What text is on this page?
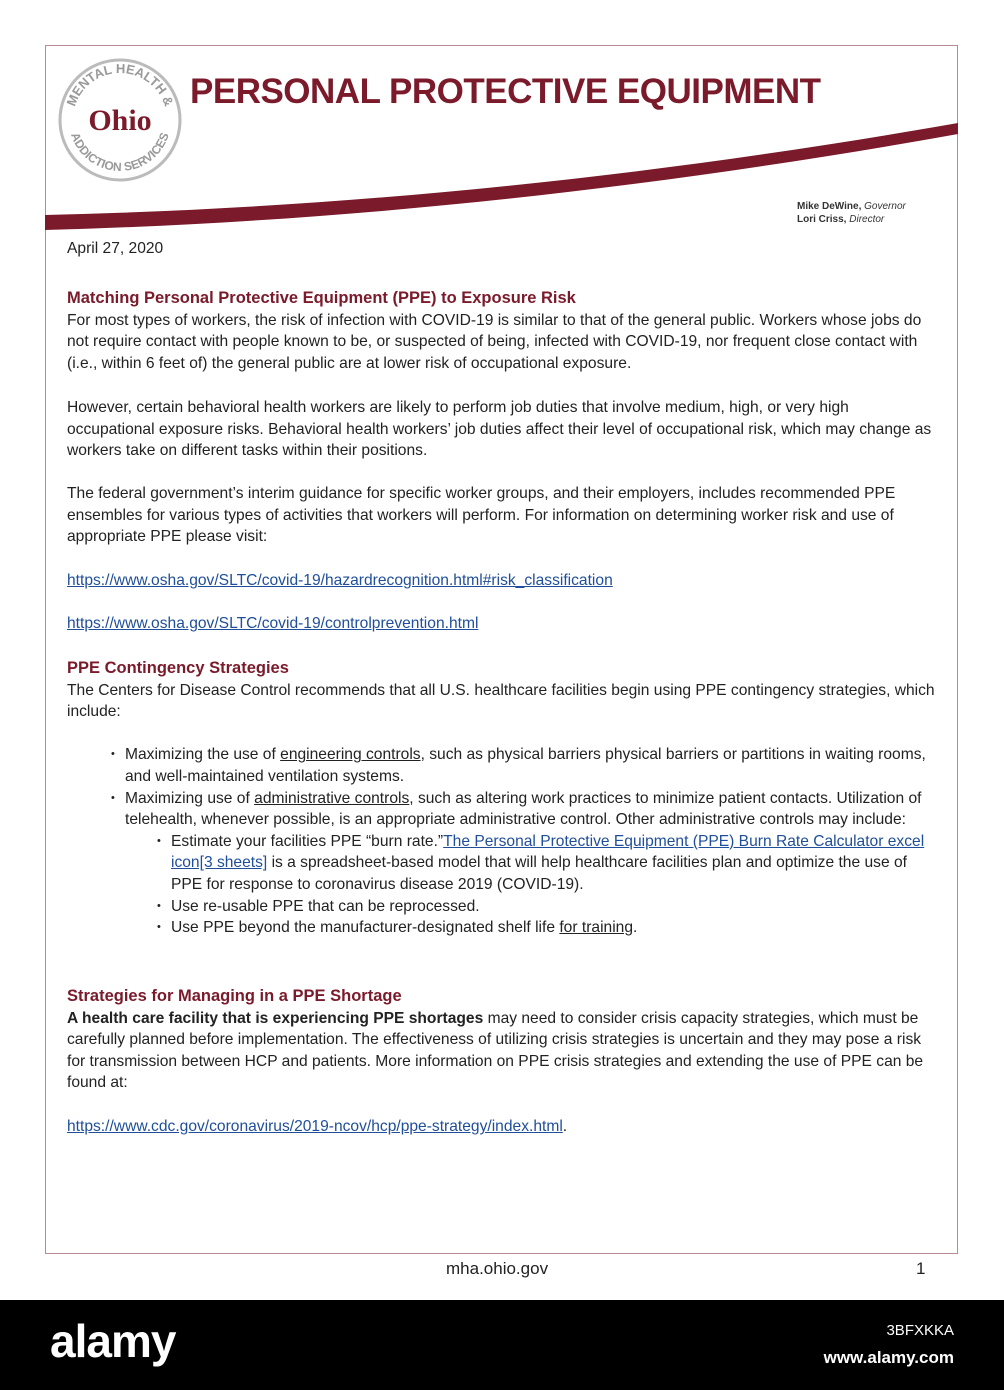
MENTAL HEALTH &
ADDICTION SERVICES
Ohio
PERSONAL PROTECTIVE EQUIPMENT
Mike DeWine, Governor
Lori Criss, Director
April 27, 2020
Matching Personal Protective Equipment (PPE) to Exposure Risk

For most types of workers, the risk of infection with COVID-19 is similar to that of the general public. Workers whose jobs do not require contact with people known to be, or suspected of being, infected with COVID-19, nor frequent close contact with (i.e., within 6 feet of) the general public are at lower risk of occupational exposure.

However, certain behavioral health workers are likely to perform job duties that involve medium, high, or very high occupational exposure risks. Behavioral health workers’ job duties affect their level of occupational risk, which may change as workers take on different tasks within their positions.

The federal government’s interim guidance for specific worker groups, and their employers, includes recommended PPE ensembles for various types of activities that workers will perform. For information on determining worker risk and use of appropriate PPE please visit:

https://www.osha.gov/SLTC/covid-19/hazardrecognition.html#risk_classification
https://www.osha.gov/SLTC/covid-19/controlprevention.html
PPE Contingency Strategies

The Centers for Disease Control recommends that all U.S. healthcare facilities begin using PPE contingency strategies, which include:

• Maximizing the use of engineering controls, such as physical barriers physical barriers or partitions in waiting rooms, and well-maintained ventilation systems.
• Maximizing use of administrative controls, such as altering work practices to minimize patient contacts. Utilization of telehealth, whenever possible, is an appropriate administrative control. Other administrative controls may include:
• Estimate your facilities PPE “burn rate.”The Personal Protective Equipment (PPE) Burn Rate Calculator excel icon[3 sheets] is a spreadsheet-based model that will help healthcare facilities plan and optimize the use of PPE for response to coronavirus disease 2019 (COVID-19).
• Use re-usable PPE that can be reprocessed.
• Use PPE beyond the manufacturer-designated shelf life for training.
Strategies for Managing in a PPE Shortage

A health care facility that is experiencing PPE shortages may need to consider crisis capacity strategies, which must be carefully planned before implementation. The effectiveness of utilizing crisis strategies is uncertain and they may pose a risk for transmission between HCP and patients. More information on PPE crisis strategies and extending the use of PPE can be found at:

https://www.cdc.gov/coronavirus/2019-ncov/hcp/ppe-strategy/index.html.
mha.ohio.gov	1
alamy	3BFXKKA
www.alamy.com
